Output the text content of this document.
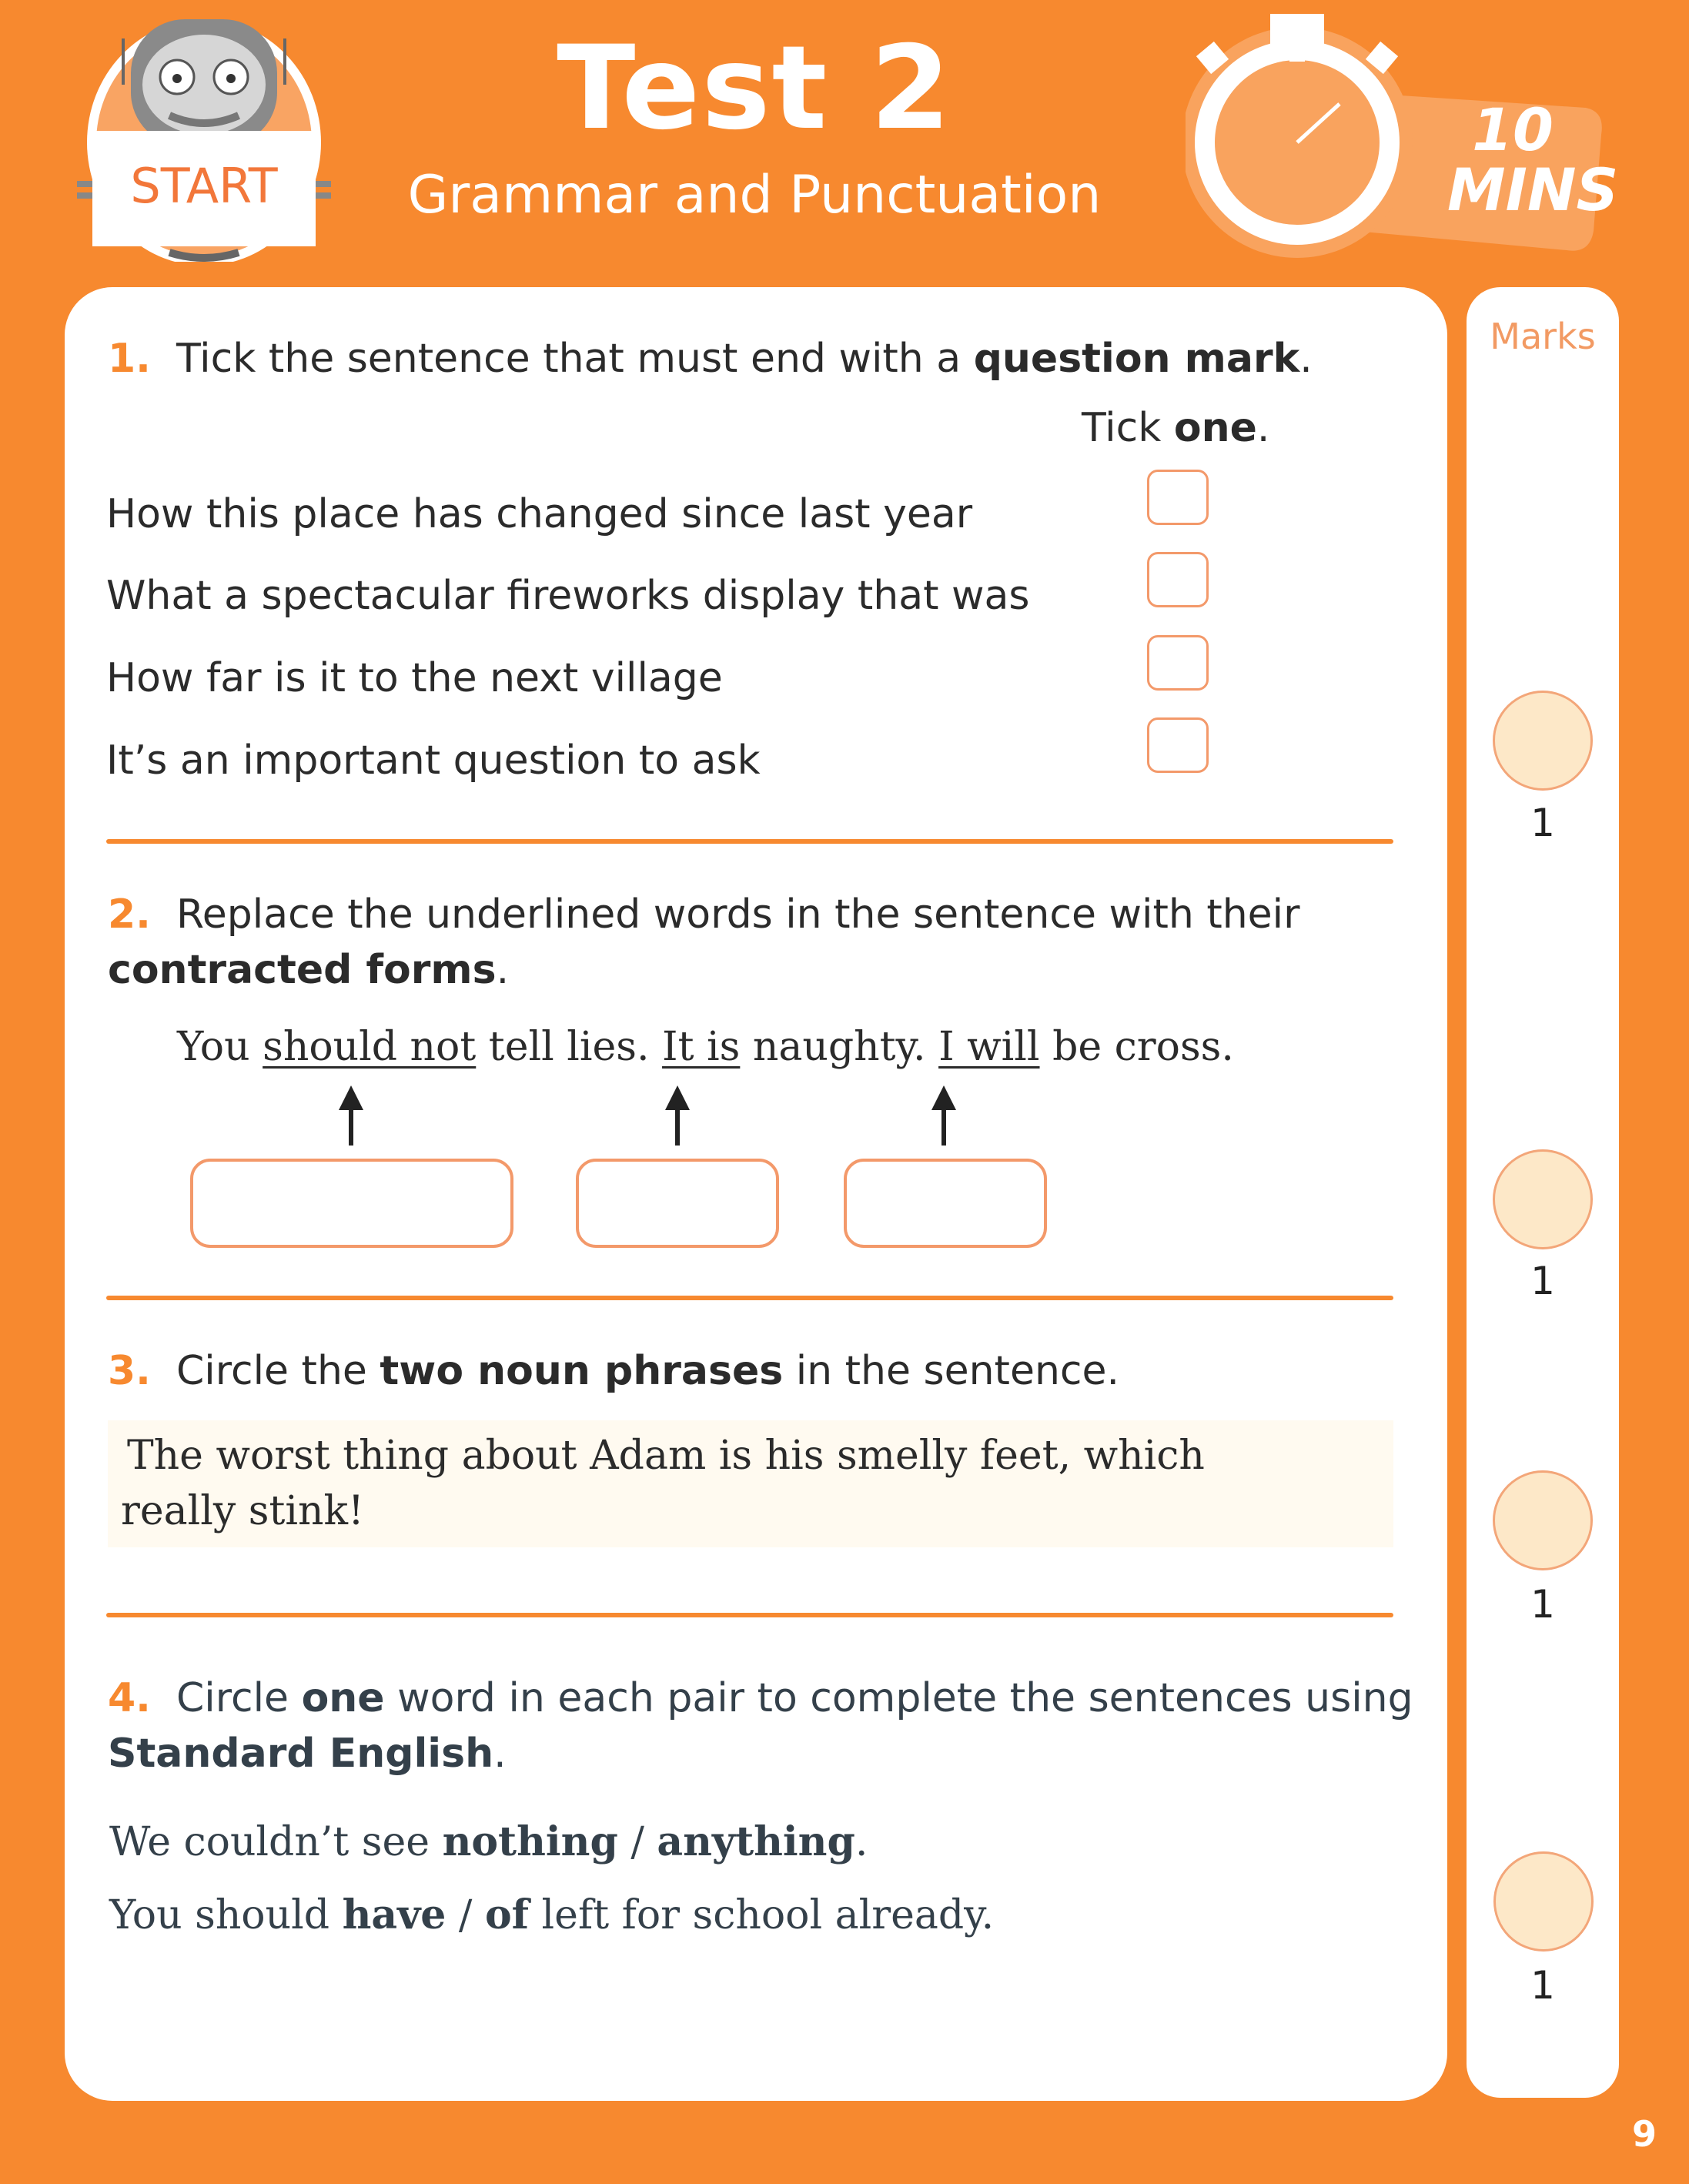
START
Test 2
Grammar and Punctuation
10
MINS
1. Tick the sentence that must end with a question mark.
Tick one.
How this place has changed since last year
What a spectacular fireworks display that was
How far is it to the next village
It’s an important question to ask
2. Replace the underlined words in the sentence with their
contracted forms.
You should not tell lies. It is naughty. I will be cross.
3. Circle the two noun phrases in the sentence.
The worst thing about Adam is his smelly feet, which
really stink!
4. Circle one word in each pair to complete the sentences using
Standard English.
We couldn’t see nothing / anything.
You should have / of left for school already.
Marks
1
1
1
1
9
